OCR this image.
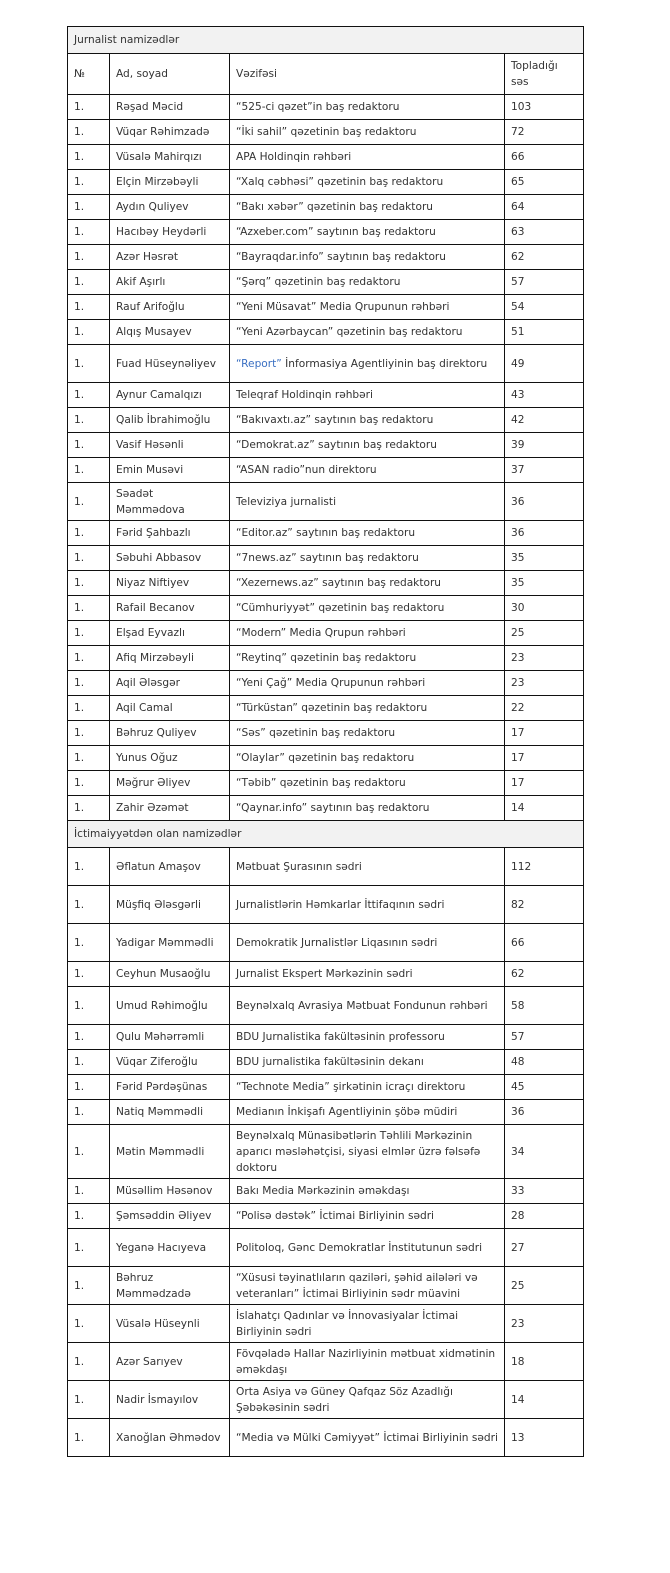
Jurnalist namizədlər			
№	Ad, soyad	Vəzifəsi	Topladığı səs
1.	Rəşad Məcid	“525-ci qəzet”in baş redaktoru	103
1.	Vüqar Rəhimzadə	“İki sahil” qəzetinin baş redaktoru	72
1.	Vüsalə Mahirqızı	APA Holdinqin rəhbəri	66
1.	Elçin Mirzəbəyli	“Xalq cəbhəsi” qəzetinin baş redaktoru	65
1.	Aydın Quliyev	“Bakı xəbər” qəzetinin baş redaktoru	64
1.	Hacıbəy Heydərli	“Azxeber.com” saytının baş redaktoru	63
1.	Azər Həsrət	“Bayraqdar.info” saytının baş redaktoru	62
1.	Akif Aşırlı	“Şərq” qəzetinin baş redaktoru	57
1.	Rauf Arifoğlu	“Yeni Müsavat” Media Qrupunun rəhbəri	54
1.	Alqış Musayev	“Yeni Azərbaycan” qəzetinin baş redaktoru	51
1.	Fuad Hüseynəliyev	“Report” İnformasiya Agentliyinin baş direktoru	49
1.	Aynur Camalqızı	Teleqraf Holdinqin rəhbəri	43
1.	Qalib İbrahimoğlu	“Bakıvaxtı.az” saytının baş redaktoru	42
1.	Vasif Həsənli	“Demokrat.az” saytının baş redaktoru	39
1.	Emin Musəvi	“ASAN radio”nun direktoru	37
1.	Səadət Məmmədova	Televiziya jurnalisti	36
1.	Fərid Şahbazlı	“Editor.az” saytının baş redaktoru	36
1.	Səbuhi Abbasov	“7news.az” saytının baş redaktoru	35
1.	Niyaz Niftiyev	“Xezernews.az” saytının baş redaktoru	35
1.	Rafail Becanov	“Cümhuriyyət” qəzetinin baş redaktoru	30
1.	Elşad Eyvazlı	“Modern” Media Qrupun rəhbəri	25
1.	Afiq Mirzəbəyli	“Reytinq” qəzetinin baş redaktoru	23
1.	Aqil Ələsgər	“Yeni Çağ” Media Qrupunun rəhbəri	23
1.	Aqil Camal	“Türküstan” qəzetinin baş redaktoru	22
1.	Bəhruz Quliyev	“Səs” qəzetinin baş redaktoru	17
1.	Yunus Oğuz	“Olaylar” qəzetinin baş redaktoru	17
1.	Məğrur Əliyev	“Təbib” qəzetinin baş redaktoru	17
1.	Zahir Əzəmət	“Qaynar.info” saytının baş redaktoru	14
İctimaiyyətdən olan namizədlər			
1.	Əflatun Amaşov	Mətbuat Şurasının sədri	112
1.	Müşfiq Ələsgərli	Jurnalistlərin Həmkarlar İttifaqının sədri	82
1.	Yadigar Məmmədli	Demokratik Jurnalistlər Liqasının sədri	66
1.	Ceyhun Musaoğlu	Jurnalist Ekspert Mərkəzinin sədri	62
1.	Umud Rəhimoğlu	Beynəlxalq Avrasiya Mətbuat Fondunun rəhbəri	58
1.	Qulu Məhərrəmli	BDU Jurnalistika fakültəsinin professoru	57
1.	Vüqar Ziferoğlu	BDU jurnalistika fakültəsinin dekanı	48
1.	Fərid Pərdəşünas	“Technote Media” şirkətinin icraçı direktoru	45
1.	Natiq Məmmədli	Medianın İnkişafı Agentliyinin şöbə müdiri	36
1.	Mətin Məmmədli	Beynəlxalq Münasibətlərin Təhlili Mərkəzinin aparıcı məsləhətçisi, siyasi elmlər üzrə fəlsəfə doktoru	34
1.	Müsəllim Həsənov	Bakı Media Mərkəzinin əməkdaşı	33
1.	Şəmsəddin Əliyev	“Polisə dəstək” İctimai Birliyinin sədri	28
1.	Yeganə Hacıyeva	Politoloq, Gənc Demokratlar İnstitutunun sədri	27
1.	Bəhruz Məmmədzadə	“Xüsusi təyinatlıların qaziləri, şəhid ailələri və veteranları” İctimai Birliyinin sədr müavini	25
1.	Vüsalə Hüseynli	İslahatçı Qadınlar və İnnovasiyalar İctimai Birliyinin sədri	23
1.	Azər Sarıyev	Fövqəladə Hallar Nazirliyinin mətbuat xidmətinin əməkdaşı	18
1.	Nadir İsmayılov	Orta Asiya və Güney Qafqaz Söz Azadlığı Şəbəkəsinin sədri	14
1.	Xanoğlan Əhmədov	“Media və Mülki Cəmiyyət” İctimai Birliyinin sədri	13
